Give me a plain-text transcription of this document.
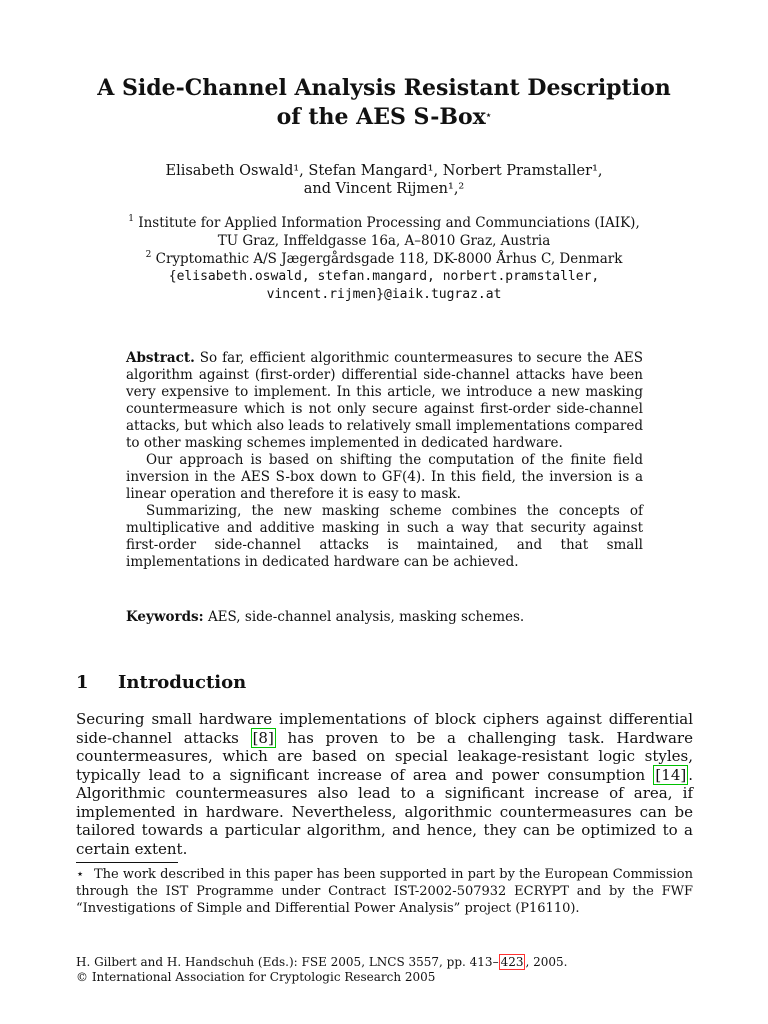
A Side-Channel Analysis Resistant Description
of the AES S-Box⋆
Elisabeth Oswald¹, Stefan Mangard¹, Norbert Pramstaller¹,
and Vincent Rijmen¹,²
$^1$ Institute for Applied Information Processing and Communciations (IAIK),
TU Graz, Inffeldgasse 16a, A–8010 Graz, Austria
$^2$ Cryptomathic A/S Jægergårdsgade 118, DK-8000 Århus C, Denmark
{elisabeth.oswald, stefan.mangard, norbert.pramstaller,
vincent.rijmen}@iaik.tugraz.at

Abstract. So far, efficient algorithmic countermeasures to secure the AES algorithm against (first-order) differential side-channel attacks have been very expensive to implement. In this article, we introduce a new masking countermeasure which is not only secure against first-order side-channel attacks, but which also leads to relatively small implementations compared to other masking schemes implemented in dedicated hardware.

Our approach is based on shifting the computation of the finite field inversion in the AES S-box down to GF(4). In this field, the inversion is a linear operation and therefore it is easy to mask.

Summarizing, the new masking scheme combines the concepts of multiplicative and additive masking in such a way that security against first-order side-channel attacks is maintained, and that small implementations in dedicated hardware can be achieved.

Keywords: AES, side-channel analysis, masking schemes.
1 Introduction
Securing small hardware implementations of block ciphers against differential side-channel attacks [8] has proven to be a challenging task. Hardware countermeasures, which are based on special leakage-resistant logic styles, typically lead to a significant increase of area and power consumption [14] . Algorithmic countermeasures also lead to a significant increase of area, if implemented in hardware. Nevertheless, algorithmic countermeasures can be tailored towards a particular algorithm, and hence, they can be optimized to a certain extent.
⋆ The work described in this paper has been supported in part by the European Commission through the IST Programme under Contract IST-2002-507932 ECRYPT and by the FWF “Investigations of Simple and Differential Power Analysis” project (P16110).
H. Gilbert and H. Handschuh (Eds.): FSE 2005, LNCS 3557, pp. 413– 423 , 2005.
© International Association for Cryptologic Research 2005
